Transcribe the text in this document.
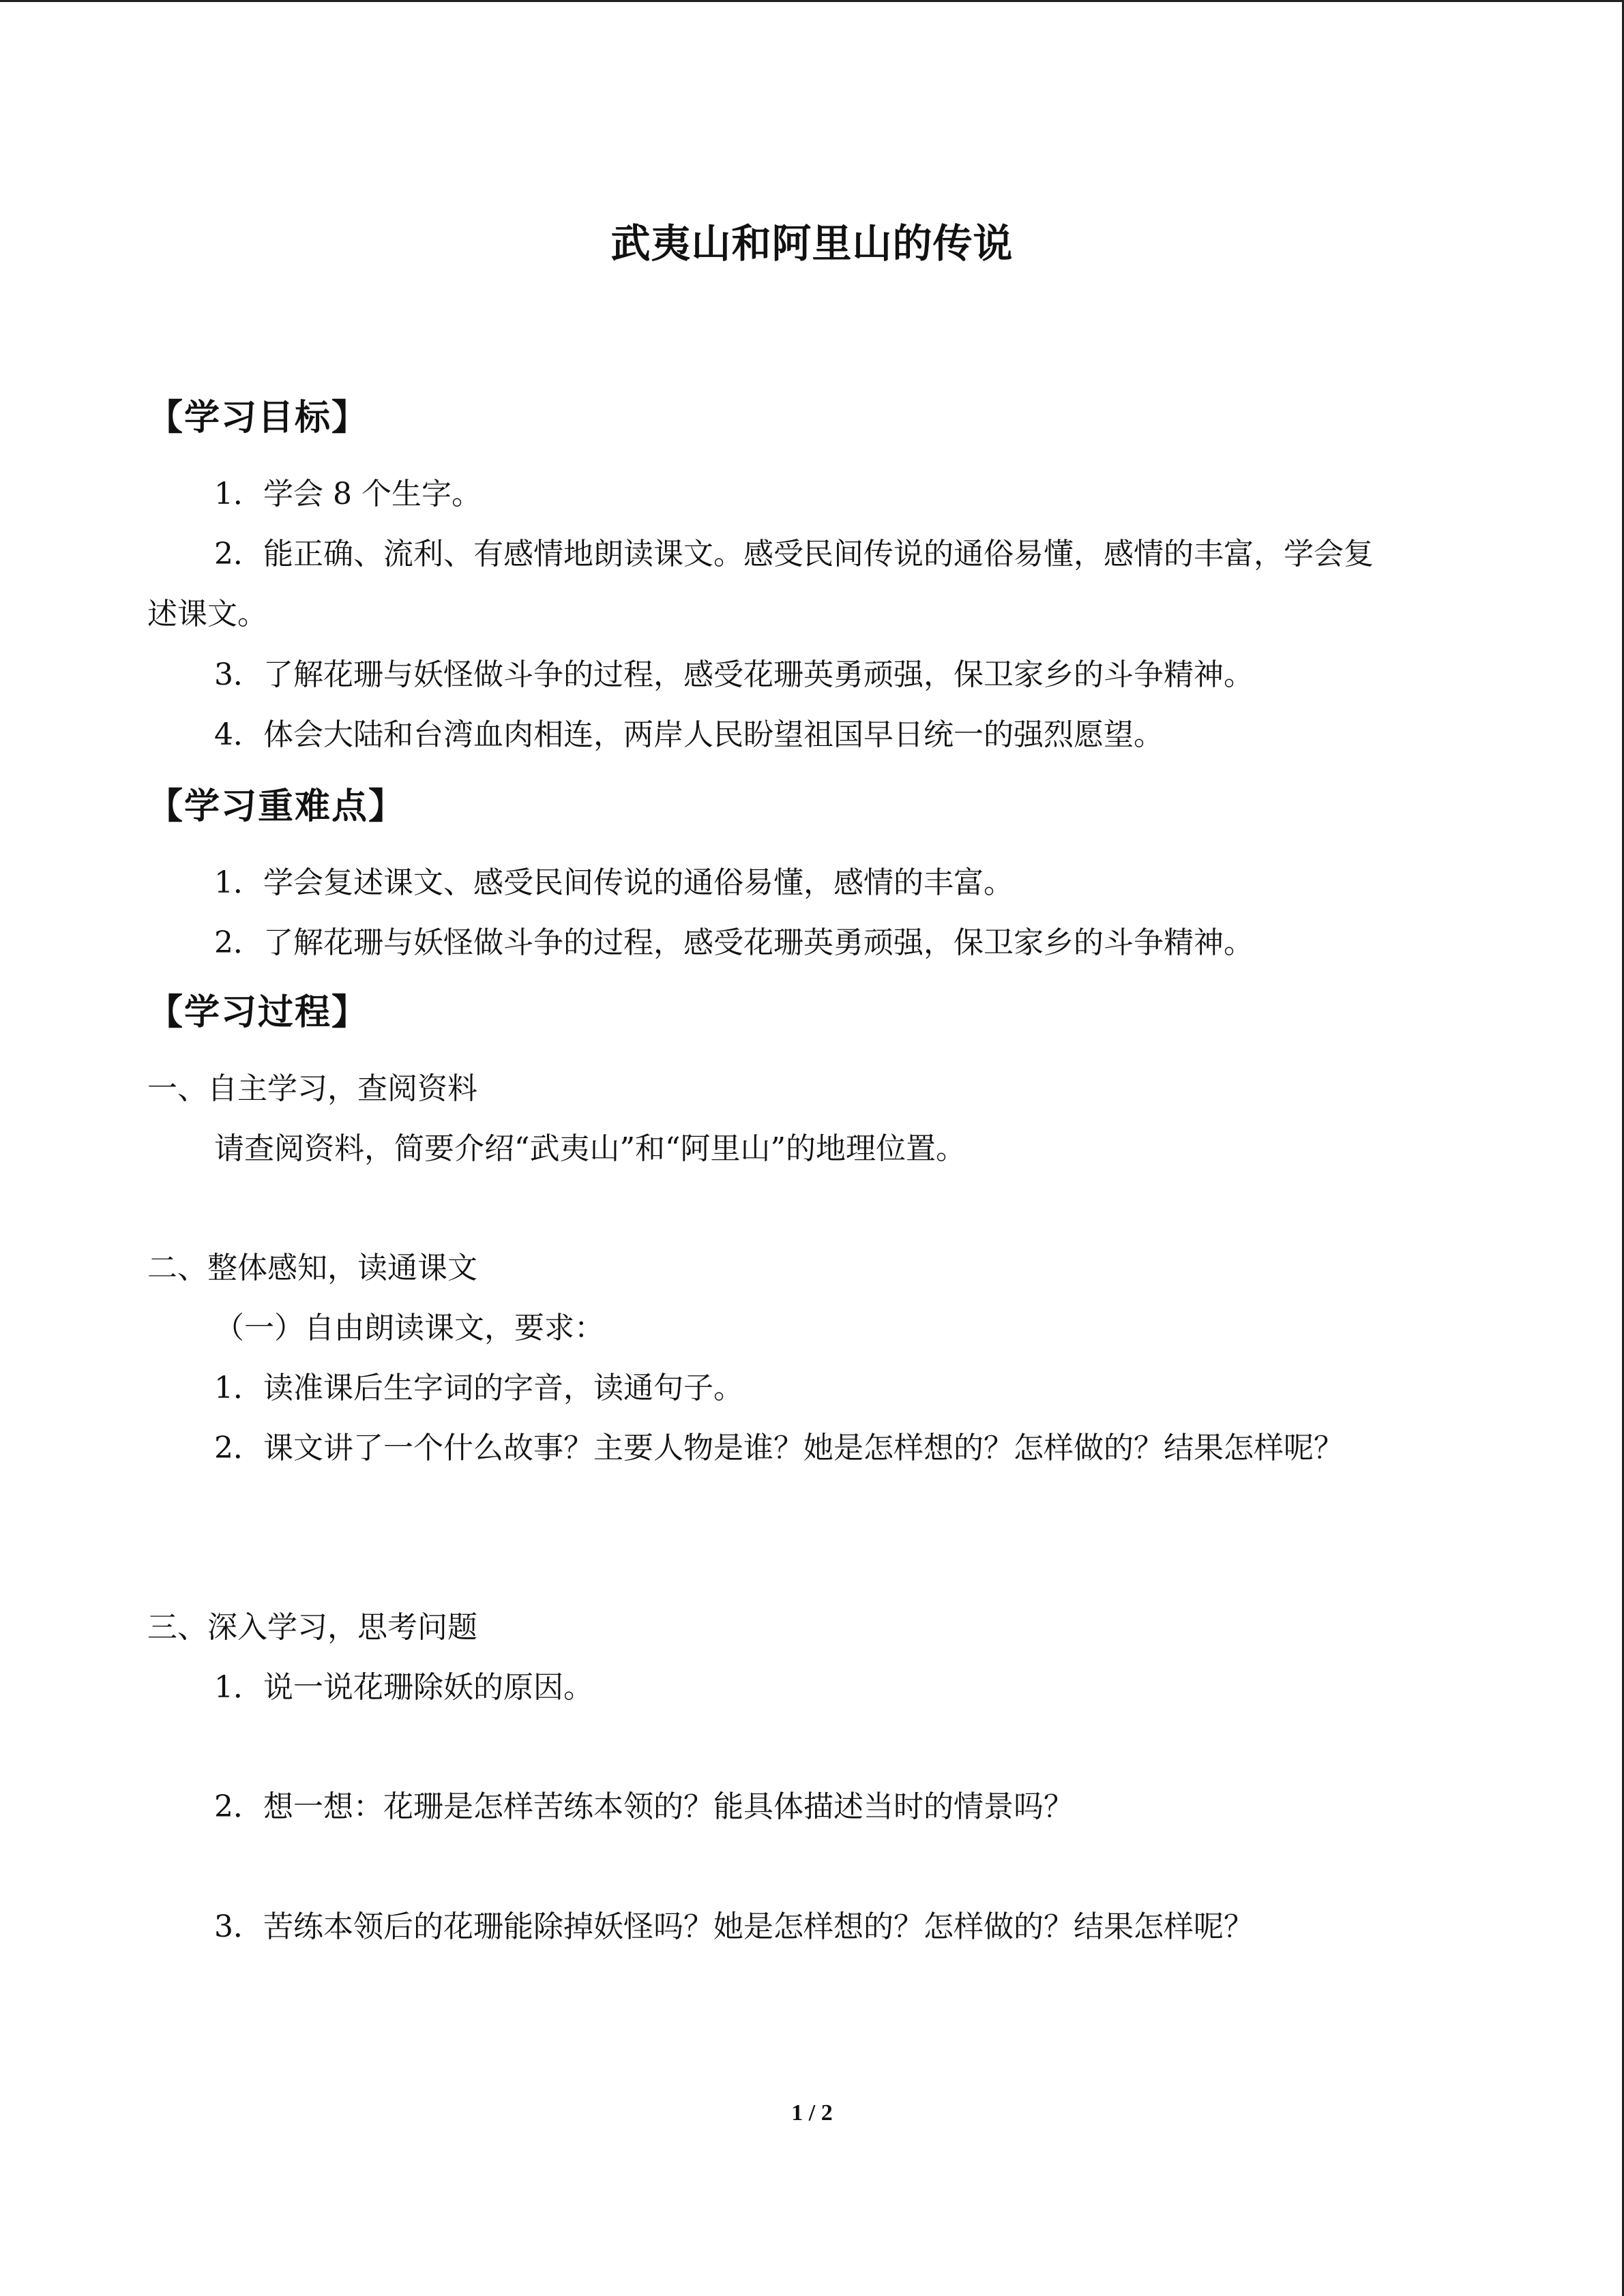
武夷山和阿里山的传说
【学习目标】
1．学会 8 个生字。
2．能正确、流利、有感情地朗读课文。感受民间传说的通俗易懂，感情的丰富，学会复
述课文。
3．了解花珊与妖怪做斗争的过程，感受花珊英勇顽强，保卫家乡的斗争精神。
4．体会大陆和台湾血肉相连，两岸人民盼望祖国早日统一的强烈愿望。
【学习重难点】
1．学会复述课文、感受民间传说的通俗易懂，感情的丰富。
2．了解花珊与妖怪做斗争的过程，感受花珊英勇顽强，保卫家乡的斗争精神。
【学习过程】
一、自主学习，查阅资料
请查阅资料，简要介绍“武夷山”和“阿里山”的地理位置。
二、整体感知，读通课文
（一）自由朗读课文，要求：
1．读准课后生字词的字音，读通句子。
2．课文讲了一个什么故事？主要人物是谁？她是怎样想的？怎样做的？结果怎样呢？
三、深入学习，思考问题
1．说一说花珊除妖的原因。
2．想一想：花珊是怎样苦练本领的？能具体描述当时的情景吗？
3．苦练本领后的花珊能除掉妖怪吗？她是怎样想的？怎样做的？结果怎样呢？
1 / 2
